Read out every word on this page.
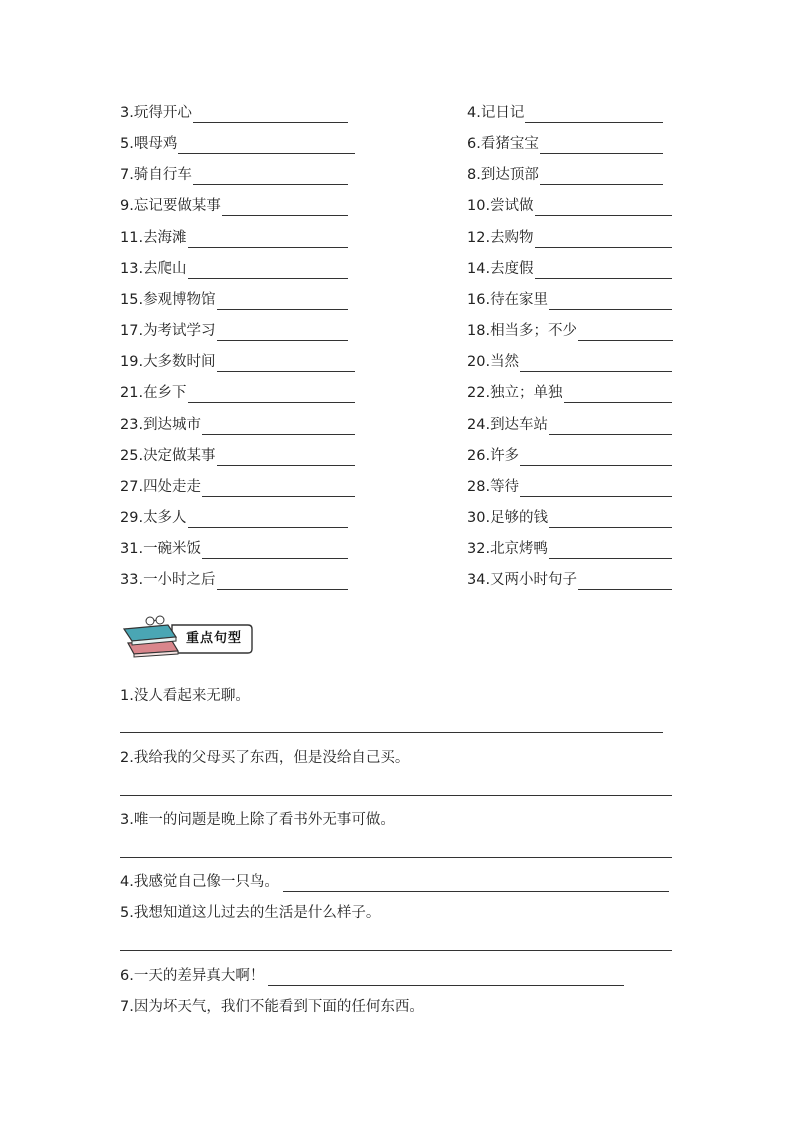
3. 玩得开心	4. 记日记
5. 喂母鸡	6. 看猪宝宝
7. 骑自行车	8. 到达顶部
9. 忘记要做某事	10. 尝试做
11. 去海滩	12. 去购物
13. 去爬山	14. 去度假
15. 参观博物馆	16. 待在家里
17. 为考试学习	18. 相当多；不少
19. 大多数时间	20. 当然
21. 在乡下	22. 独立；单独
23. 到达城市	24. 到达车站
25. 决定做某事	26. 许多
27. 四处走走	28. 等待
29. 太多人	30. 足够的钱
31. 一碗米饭	32. 北京烤鸭
33. 一小时之后	34. 又两小时句子
重点句型
1.没人看起来无聊。
2.我给我的父母买了东西，但是没给自己买。
3.唯一的问题是晚上除了看书外无事可做。
4. 我感觉自己像一只鸟。
5.我想知道这儿过去的生活是什么样子。
6. 一天的差异真大啊！
7.因为坏天气，我们不能看到下面的任何东西。
